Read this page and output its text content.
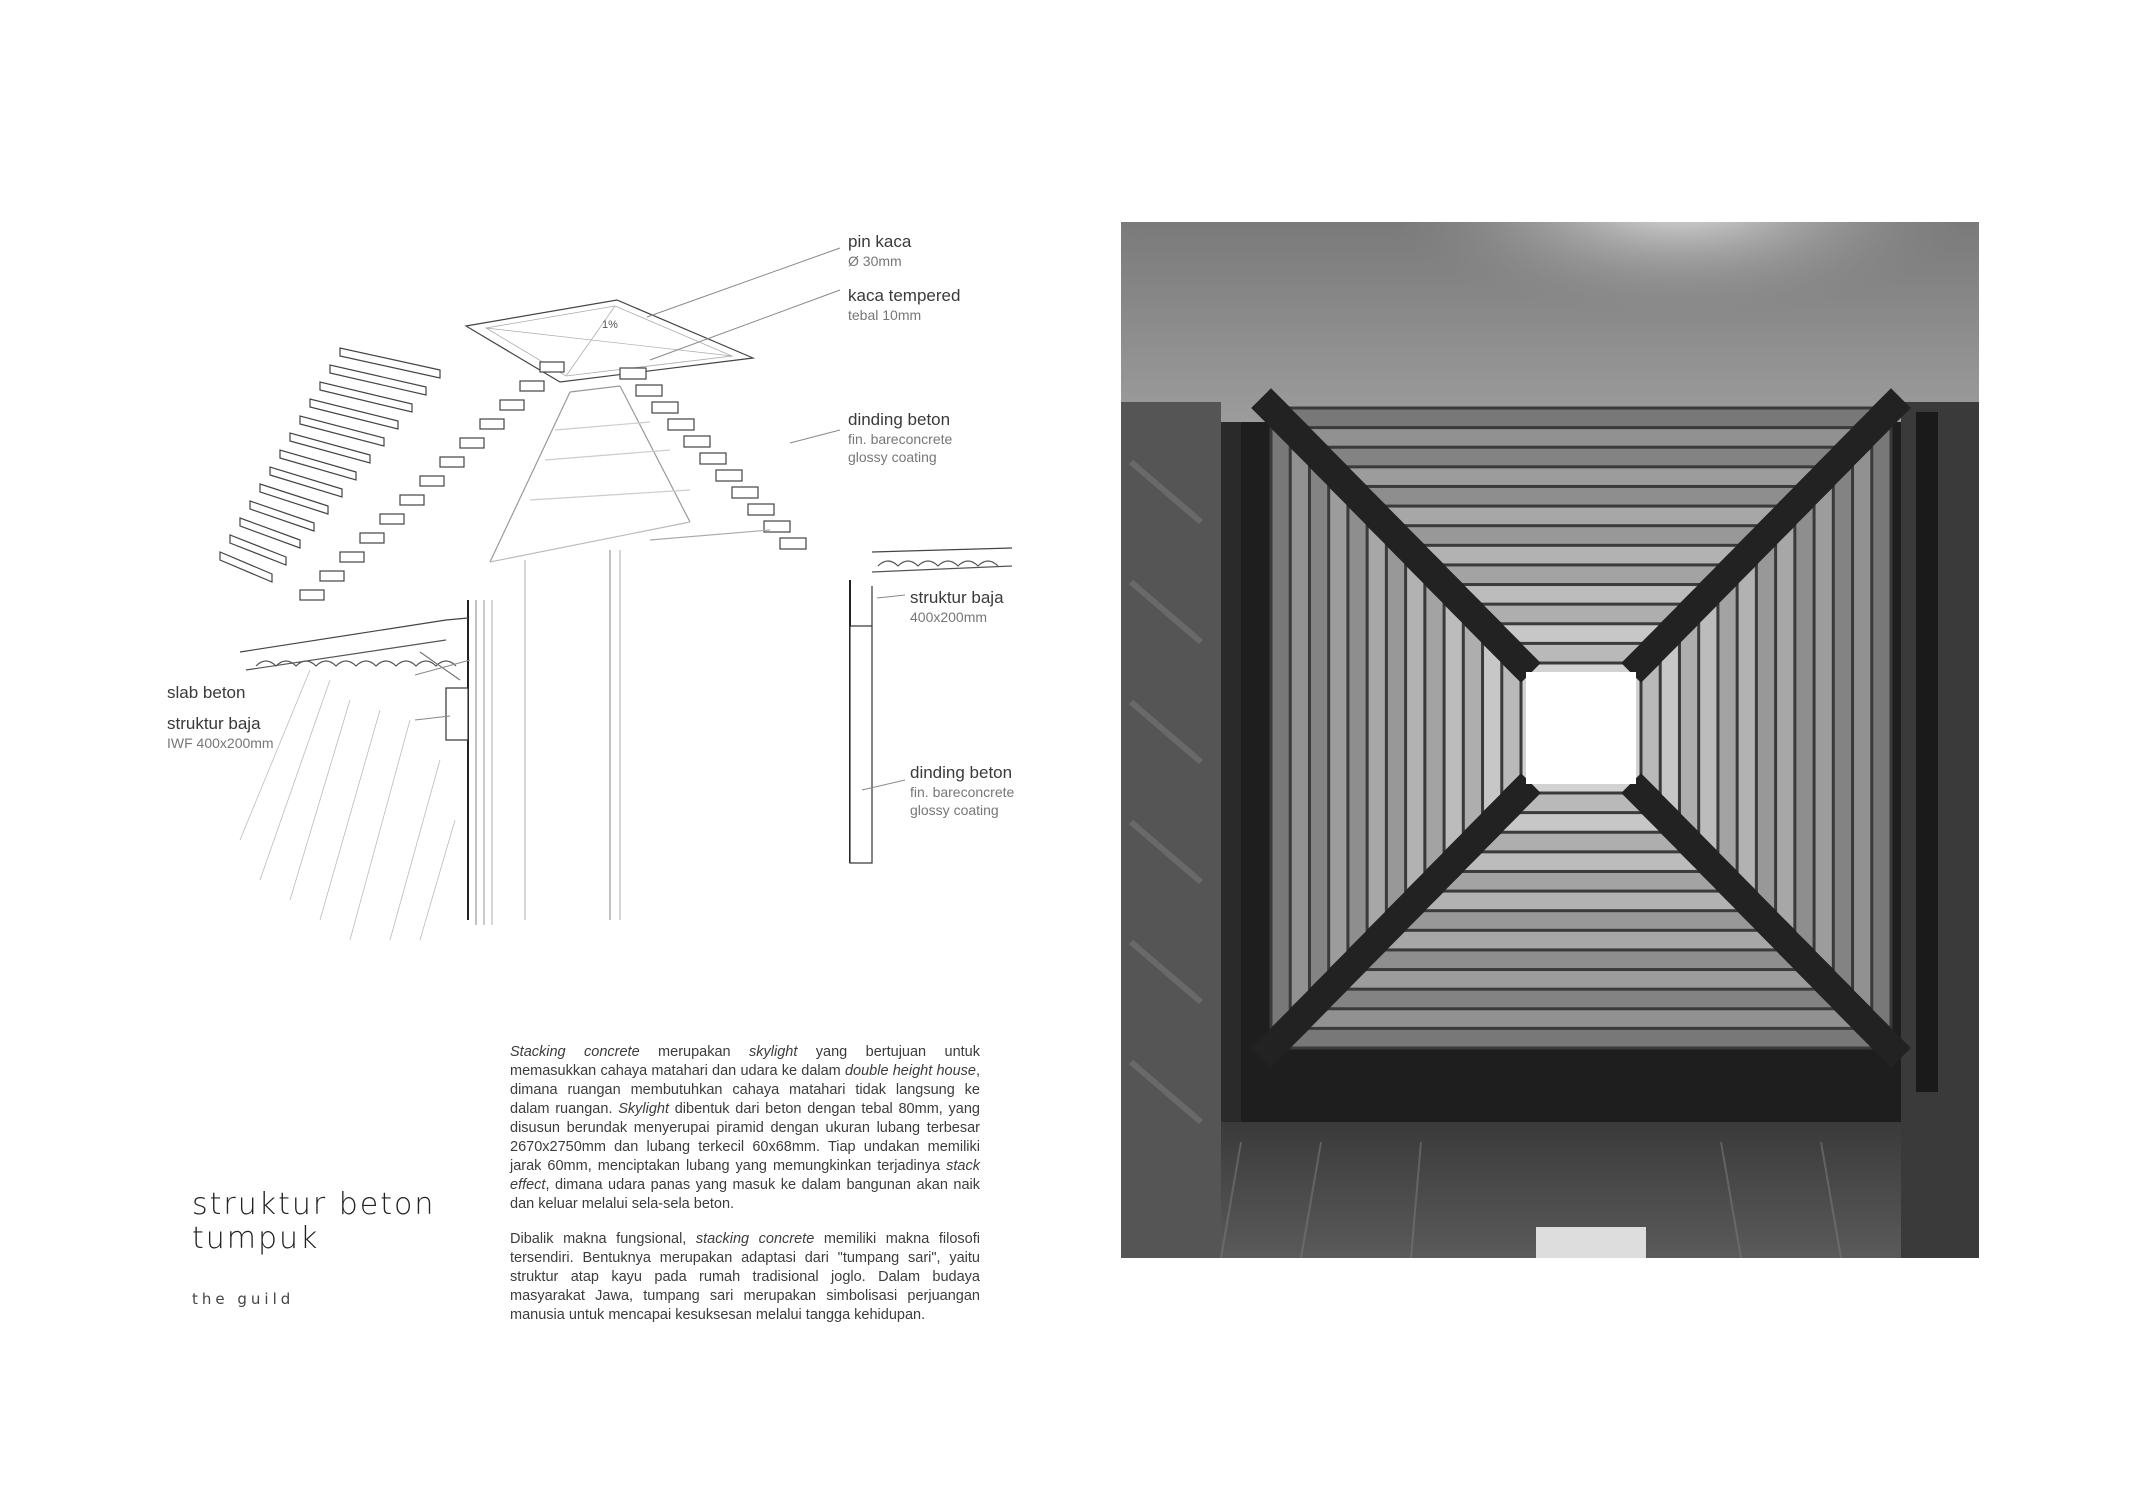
1%
pin kaca
Ø 30mm
kaca tempered
tebal 10mm
dinding beton
fin. bareconcrete
glossy coating
struktur baja
400x200mm
slab beton
struktur baja
IWF 400x200mm
dinding beton
fin. bareconcrete
glossy coating
struktur beton
tumpuk
the guild

Stacking concrete merupakan skylight yang bertujuan untuk memasukkan cahaya matahari dan udara ke dalam double height house, dimana ruangan membutuhkan cahaya matahari tidak langsung ke dalam ruangan. Skylight dibentuk dari beton dengan tebal 80mm, yang disusun berundak menyerupai piramid dengan ukuran lubang terbesar 2670x2750mm dan lubang terkecil 60x68mm. Tiap undakan memiliki jarak 60mm, menciptakan lubang yang memungkinkan terjadinya stack effect, dimana udara panas yang masuk ke dalam bangunan akan naik dan keluar melalui sela-sela beton.

Dibalik makna fungsional, stacking concrete memiliki makna filosofi tersendiri. Bentuknya merupakan adaptasi dari "tumpang sari", yaitu struktur atap kayu pada rumah tradisional joglo. Dalam budaya masyarakat Jawa, tumpang sari merupakan simbolisasi perjuangan manusia untuk mencapai kesuksesan melalui tangga kehidupan.
